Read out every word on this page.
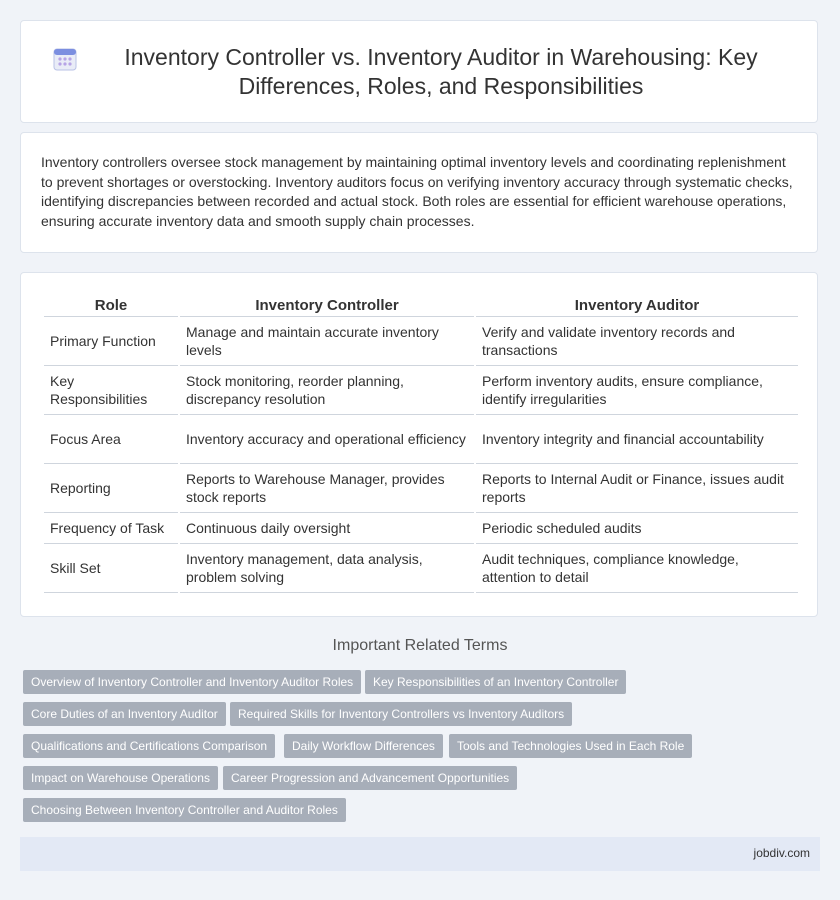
Inventory Controller vs. Inventory Auditor in Warehousing: Key Differences, Roles, and Responsibilities

Inventory controllers oversee stock management by maintaining optimal inventory levels and coordinating replenishment to prevent shortages or overstocking. Inventory auditors focus on verifying inventory accuracy through systematic checks, identifying discrepancies between recorded and actual stock. Both roles are essential for efficient warehouse operations, ensuring accurate inventory data and smooth supply chain processes.

Role	Inventory Controller	Inventory Auditor
Primary Function	Manage and maintain accurate inventory levels	Verify and validate inventory records and transactions
Key Responsibilities	Stock monitoring, reorder planning, discrepancy resolution	Perform inventory audits, ensure compliance, identify irregularities
Focus Area	Inventory accuracy and operational efficiency	Inventory integrity and financial accountability
Reporting	Reports to Warehouse Manager, provides stock reports	Reports to Internal Audit or Finance, issues audit reports
Frequency of Task	Continuous daily oversight	Periodic scheduled audits
Skill Set	Inventory management, data analysis, problem solving	Audit techniques, compliance knowledge, attention to detail
Important Related Terms
Overview of Inventory Controller and Inventory Auditor Roles	Key Responsibilities of an Inventory Controller
Core Duties of an Inventory Auditor	Required Skills for Inventory Controllers vs Inventory Auditors
Qualifications and Certifications Comparison	Daily Workflow Differences	Tools and Technologies Used in Each Role
Impact on Warehouse Operations	Career Progression and Advancement Opportunities
Choosing Between Inventory Controller and Auditor Roles
jobdiv.com
